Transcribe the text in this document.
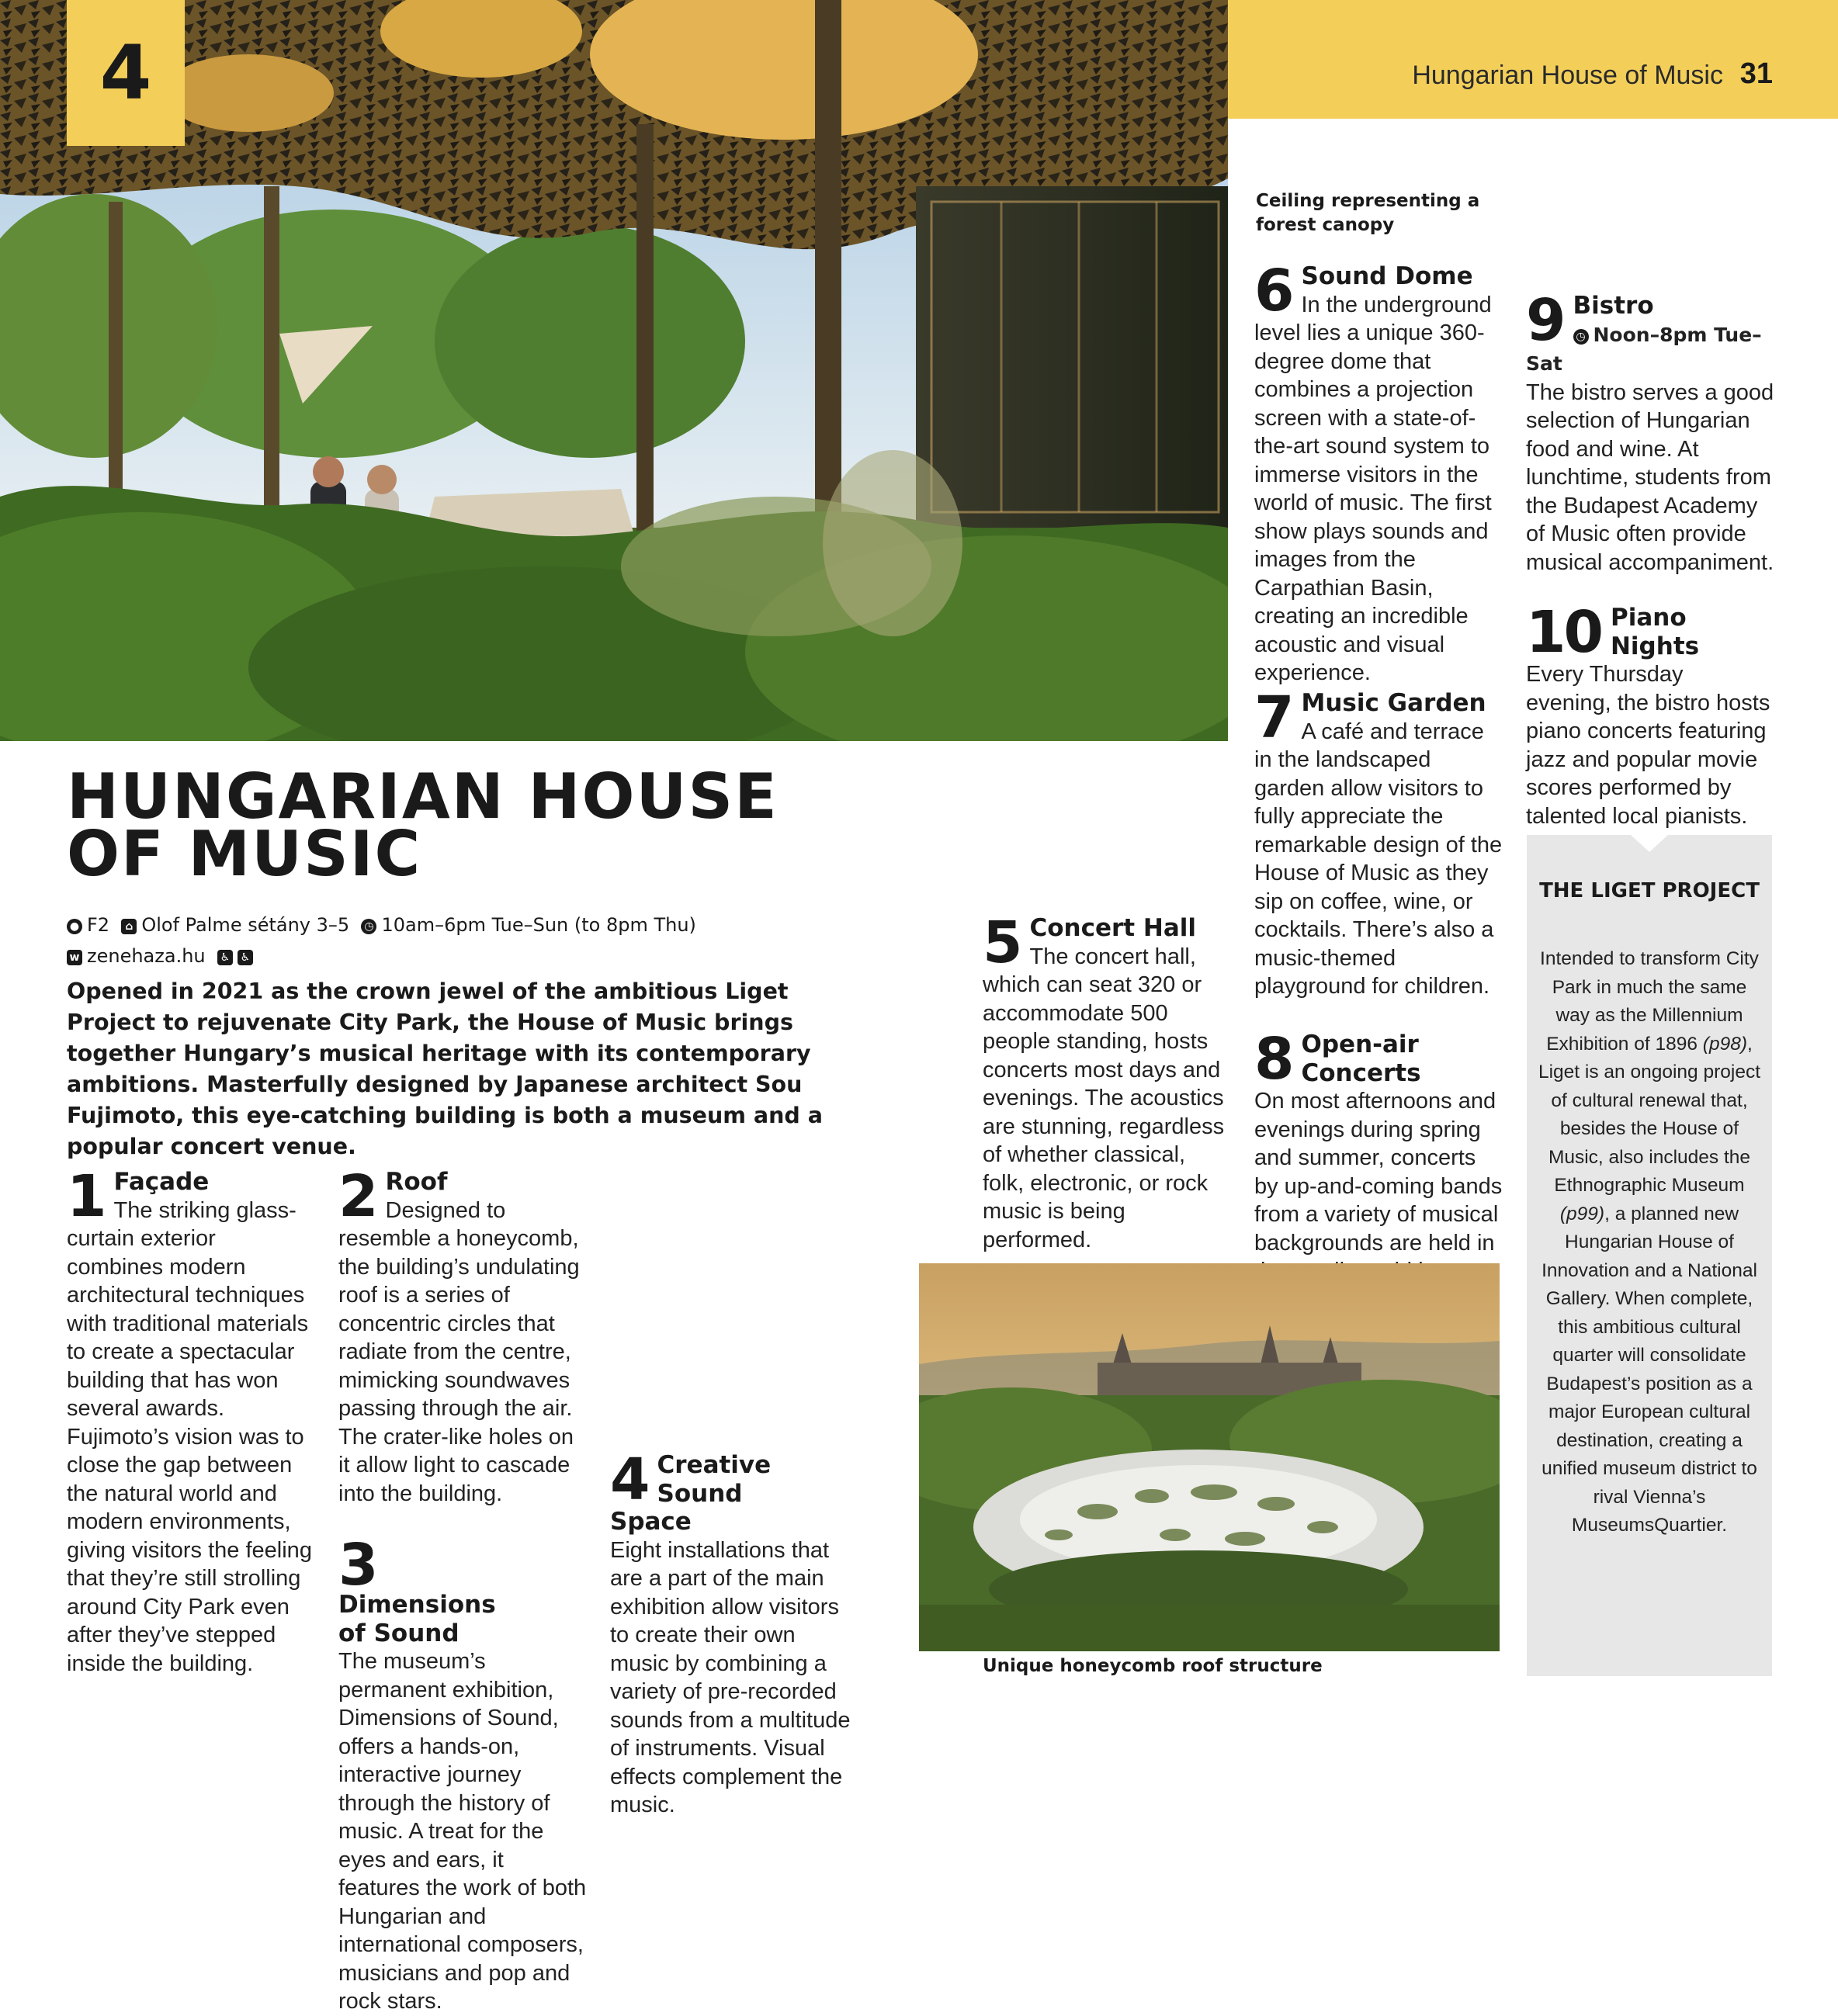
4	Hungarian House of Music 31
Ceiling representing a forest canopy
HUNGARIAN HOUSE OF MUSIC
● F2 ⌂ Olof Palme sétány 3–5 ◷ 10am–6pm Tue–Sun (to 8pm Thu)
w zenehaza.hu ♿ ♿
Opened in 2021 as the crown jewel of the ambitious Liget Project to rejuvenate City Park, the House of Music brings together Hungary’s musical heritage with its contemporary ambitions. Masterfully designed by Japanese architect Sou Fujimoto, this eye-catching building is both a museum and a popular concert venue.
1 Façade
The striking glass-curtain exterior combines modern architectural techniques with traditional materials to create a spectacular building that has won several awards. Fujimoto’s vision was to close the gap between the natural world and modern environments, giving visitors the feeling that they’re still strolling around City Park even after they’ve stepped inside the building.
2 Roof
Designed to resemble a honeycomb, the building’s undulating roof is a series of concentric circles that radiate from the centre, mimicking soundwaves passing through the air. The crater-like holes on it allow light to cascade into the building.
3
Dimensions of Sound
The museum’s permanent exhibition, Dimensions of Sound, offers a hands-on, interactive journey through the history of music. A treat for the eyes and ears, it features the work of both Hungarian and international composers, musicians and pop and rock stars.
4 Creative Sound Space
Eight installations that are a part of the main exhibition allow visitors to create their own music by combining a variety of pre-recorded sounds from a multitude of instruments. Visual effects complement the music.
5 Concert Hall
The concert hall, which can seat 320 or accommodate 500 people standing, hosts concerts most days and evenings. The acoustics are stunning, regardless of whether classical, folk, electronic, or rock music is being performed.
6 Sound Dome
In the underground level lies a unique 360-degree dome that combines a projection screen with a state-of-the-art sound system to immerse visitors in the world of music. The first show plays sounds and images from the Carpathian Basin, creating an incredible acoustic and visual experience.
7 Music Garden
A café and terrace in the landscaped garden allow visitors to fully appreciate the remarkable design of the House of Music as they sip on coffee, wine, or cocktails. There’s also a music-themed playground for children.
8 Open-air Concerts
On most afternoons and evenings during spring and summer, concerts by up-and-coming bands from a variety of musical backgrounds are held in
9 Bistro
◷ Noon–8pm Tue–Sat
The bistro serves a good selection of Hungarian food and wine. At lunchtime, students from the Budapest Academy of Music often provide musical accompaniment.
10 Piano Nights
Every Thursday evening, the bistro hosts piano concerts featuring jazz and popular movie scores performed by talented local pianists.
Unique honeycomb roof structure
THE LIGET PROJECT
Intended to transform City Park in much the same way as the Millennium Exhibition of 1896 (p98), Liget is an ongoing project of cultural renewal that, besides the House of Music, also includes the Ethnographic Museum (p99), a planned new Hungarian House of Innovation and a National Gallery. When complete, this ambitious cultural quarter will consolidate Budapest’s position as a major European cultural destination, creating a unified museum district to rival Vienna’s MuseumsQuartier.
